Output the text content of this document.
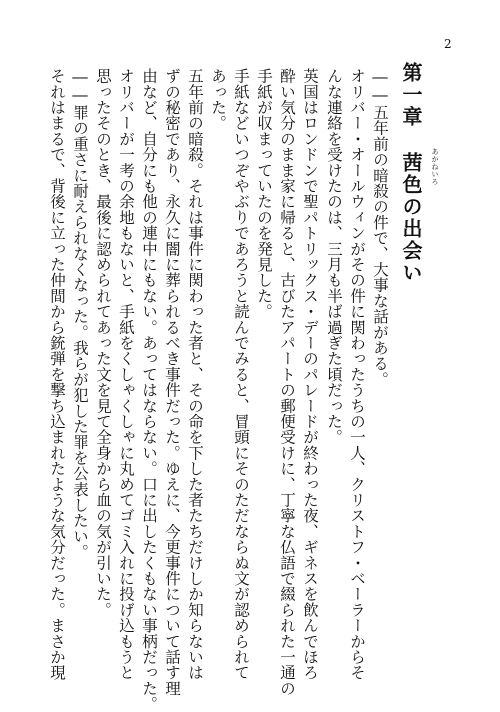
2
第一章茜色の出会い あかねいろ
――五年前の暗殺の件で、大事な話がある。
オリバー・オールウィンがその件に関わったうちの一人、クリストフ・ベーラーからそ
んな連絡を受けたのは、三月も半ば過ぎた頃だった。
英国はロンドンで聖パトリックス・デーのパレードが終わった夜、ギネスを飲んでほろ
酔い気分のまま家に帰ると、古びたアパートの郵便受けに、丁寧な仏語で綴られた一通の
手紙が収まっていたのを発見した。
手紙などいつぞやぶりであろうと読んでみると、冒頭にそのただならぬ文が認められて
あった。
五年前の暗殺。それは事件に関わった者と、その命を下した者たちだけしか知らないは
ずの秘密であり、永久に闇に葬られるべき事件だった。ゆえに、今更事件について話す理
由など、自分にも他の連中にもない。あってはならない。口に出したくもない事柄だった。
オリバーが一考の余地もないと、手紙をくしゃくしゃに丸めてゴミ入れに投げ込もうと
思ったそのとき、最後に認められてあった文を見て全身から血の気が引いた。
――罪の重さに耐えられなくなった。我らが犯した罪を公表したい。
それはまるで、背後に立った仲間から銃弾を撃ち込まれたような気分だった。まさか現
